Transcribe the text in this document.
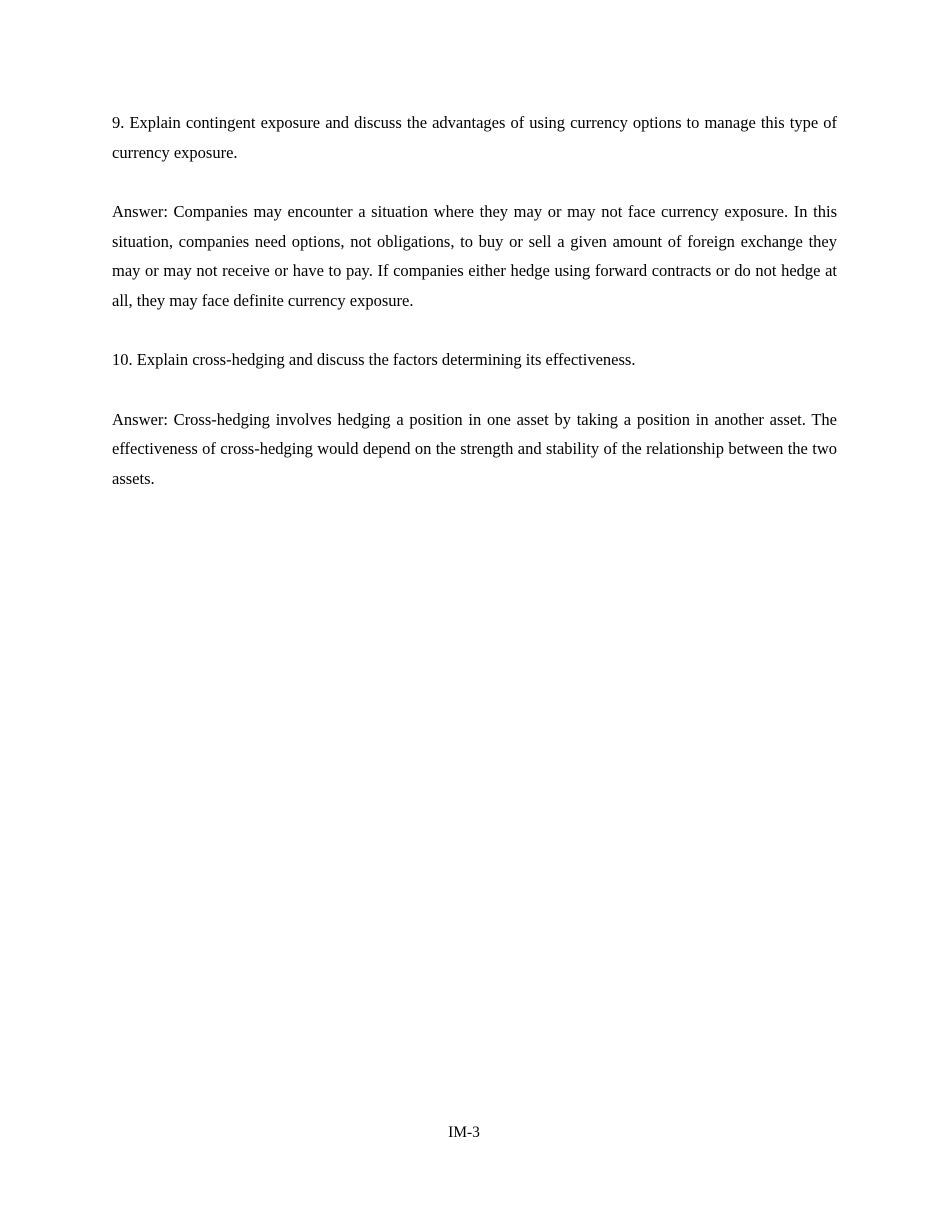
9. Explain contingent exposure and discuss the advantages of using currency options to manage this type of currency exposure.

Answer: Companies may encounter a situation where they may or may not face currency exposure. In this situation, companies need options, not obligations, to buy or sell a given amount of foreign exchange they may or may not receive or have to pay. If companies either hedge using forward contracts or do not hedge at all, they may face definite currency exposure.

10. Explain cross-hedging and discuss the factors determining its effectiveness.

Answer: Cross-hedging involves hedging a position in one asset by taking a position in another asset. The effectiveness of cross-hedging would depend on the strength and stability of the relationship between the two assets.

IM-3
